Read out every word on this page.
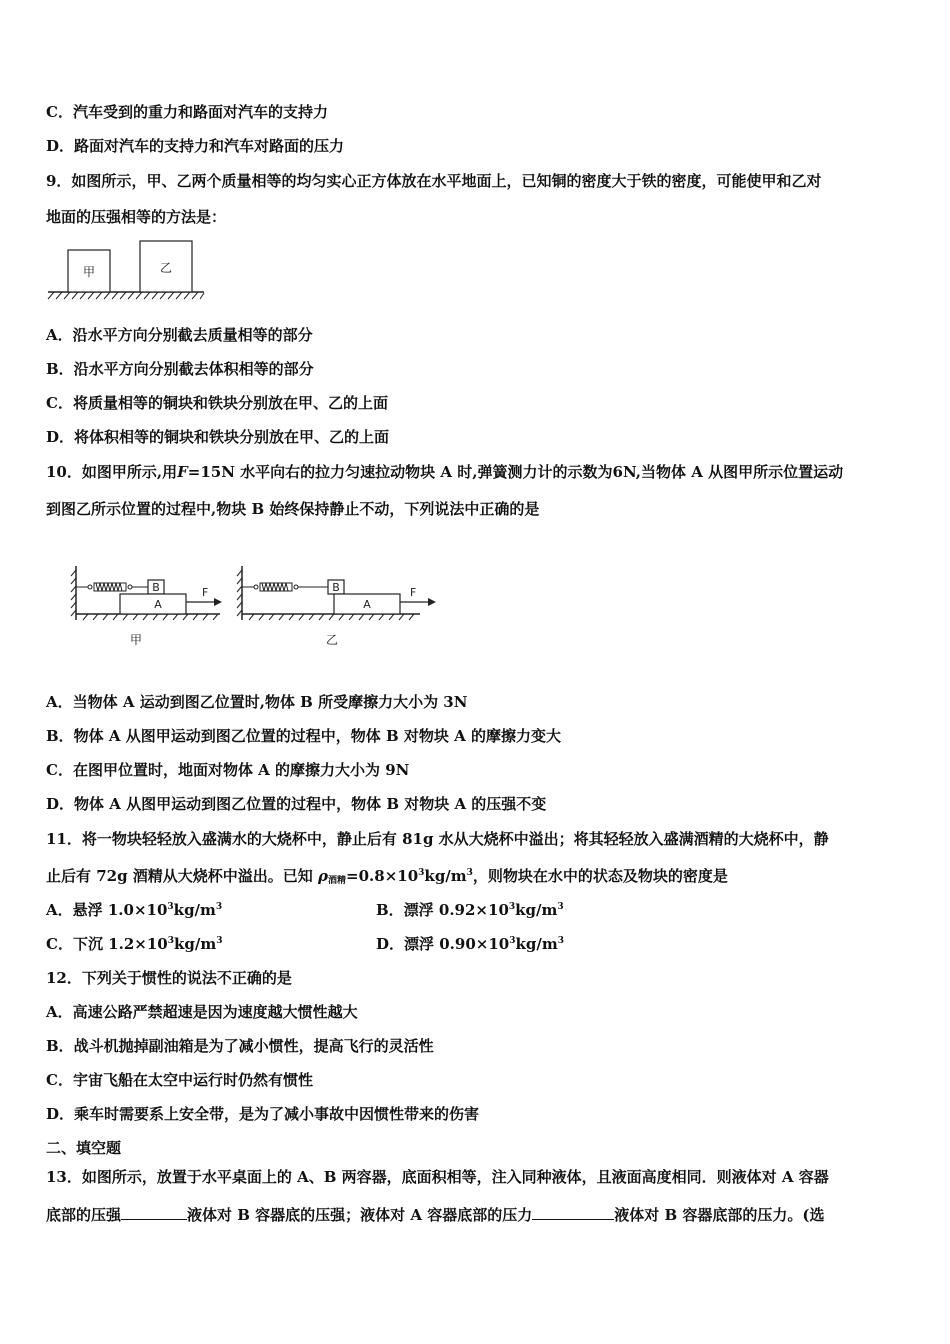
C．汽车受到的重力和路面对汽车的支持力
D．路面对汽车的支持力和汽车对路面的压力
9．如图所示，甲、乙两个质量相等的均匀实心正方体放在水平地面上，已知铜的密度大于铁的密度，可能使甲和乙对
地面的压强相等的方法是：
甲	乙
A．沿水平方向分别截去质量相等的部分
B．沿水平方向分别截去体积相等的部分
C．将质量相等的铜块和铁块分别放在甲、乙的上面
D．将体积相等的铜块和铁块分别放在甲、乙的上面
10．如图甲所示,用F=15N 水平向右的拉力匀速拉动物块 A 时,弹簧测力计的示数为6N,当物体 A 从图甲所示位置运动
到图乙所示位置的过程中,物块 B 始终保持静止不动，下列说法中正确的是
B
A
F
甲
B
A
F
乙
A．当物体 A 运动到图乙位置时,物体 B 所受摩擦力大小为 3N
B．物体 A 从图甲运动到图乙位置的过程中，物体 B 对物块 A 的摩擦力变大
C．在图甲位置时，地面对物体 A 的摩擦力大小为 9N
D．物体 A 从图甲运动到图乙位置的过程中，物体 B 对物块 A 的压强不变
11．将一物块轻轻放入盛满水的大烧杯中，静止后有 81g 水从大烧杯中溢出；将其轻轻放入盛满酒精的大烧杯中，静
止后有 72g 酒精从大烧杯中溢出。已知 $\rho_{酒精}=0.8\times 10^3kg/m^3$，则物块在水中的状态及物块的密度是
A．悬浮 $1.0\times 10^3kg/m^3$	B．漂浮 $0.92\times 10^3kg/m^3$
C．下沉 $1.2\times 10^3kg/m^3$	D．漂浮 $0.90\times 10^3kg/m^3$
12．下列关于惯性的说法不正确的是
A．高速公路严禁超速是因为速度越大惯性越大
B．战斗机抛掉副油箱是为了减小惯性，提高飞行的灵活性
C．宇宙飞船在太空中运行时仍然有惯性
D．乘车时需要系上安全带，是为了减小事故中因惯性带来的伤害
二、填空题
13．如图所示，放置于水平桌面上的 A、B 两容器，底面积相等，注入同种液体，且液面高度相同．则液体对 A 容器
底部的压强	液体对 B 容器底的压强；液体对 A 容器底部的压力	液体对 B 容器底部的压力。(选
